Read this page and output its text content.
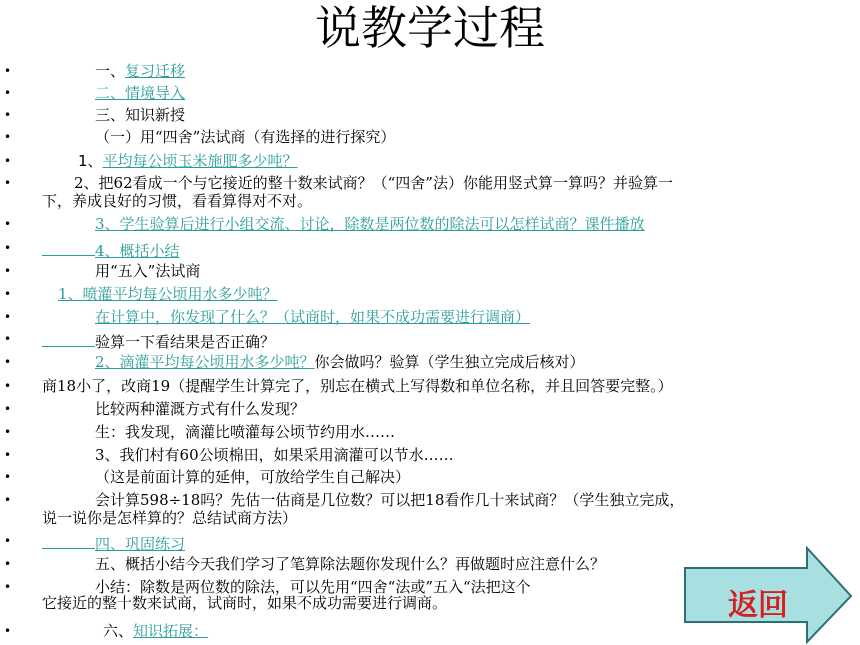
说教学过程
•	一、复习迁移
•	二、情境导入
•	三、知识新授
•	（一）用“四舍”法试商（有选择的进行探究）
•	1、平均每公顷玉米施肥多少吨？
•	2、把62看成一个与它接近的整十数来试商？（“四舍”法）你能用竖式算一算吗？并验算一
下，养成良好的习惯，看看算得对不对。
•	3、学生验算后进行小组交流、讨论，除数是两位数的除法可以怎样试商？课件播放
•	4、概括小结
•	用“五入”法试商
•	1、喷灌平均每公顷用水多少吨？
•	在计算中，你发现了什么？（试商时，如果不成功需要进行调商）
•	验算一下看结果是否正确？
•	2、滴灌平均每公顷用水多少吨？你会做吗？验算（学生独立完成后核对）
• 商18小了，改商19（提醒学生计算完了，别忘在横式上写得数和单位名称，并且回答要完整。）
•	比较两种灌溉方式有什么发现？
•	生：我发现，滴灌比喷灌每公顷节约用水……
•	3、我们村有60公顷棉田，如果采用滴灌可以节水……
•	（这是前面计算的延伸，可放给学生自己解决）
•	会计算598÷18吗？先估一估商是几位数？可以把18看作几十来试商？（学生独立完成，
说一说你是怎样算的？总结试商方法）
•	四、巩固练习
•	五、概括小结今天我们学习了笔算除法题你发现什么？再做题时应注意什么？
•	小结：除数是两位数的除法，可以先用“四舍“法或”五入“法把这个
它接近的整十数来试商，试商时，如果不成功需要进行调商。
•	六、知识拓展：
返回
